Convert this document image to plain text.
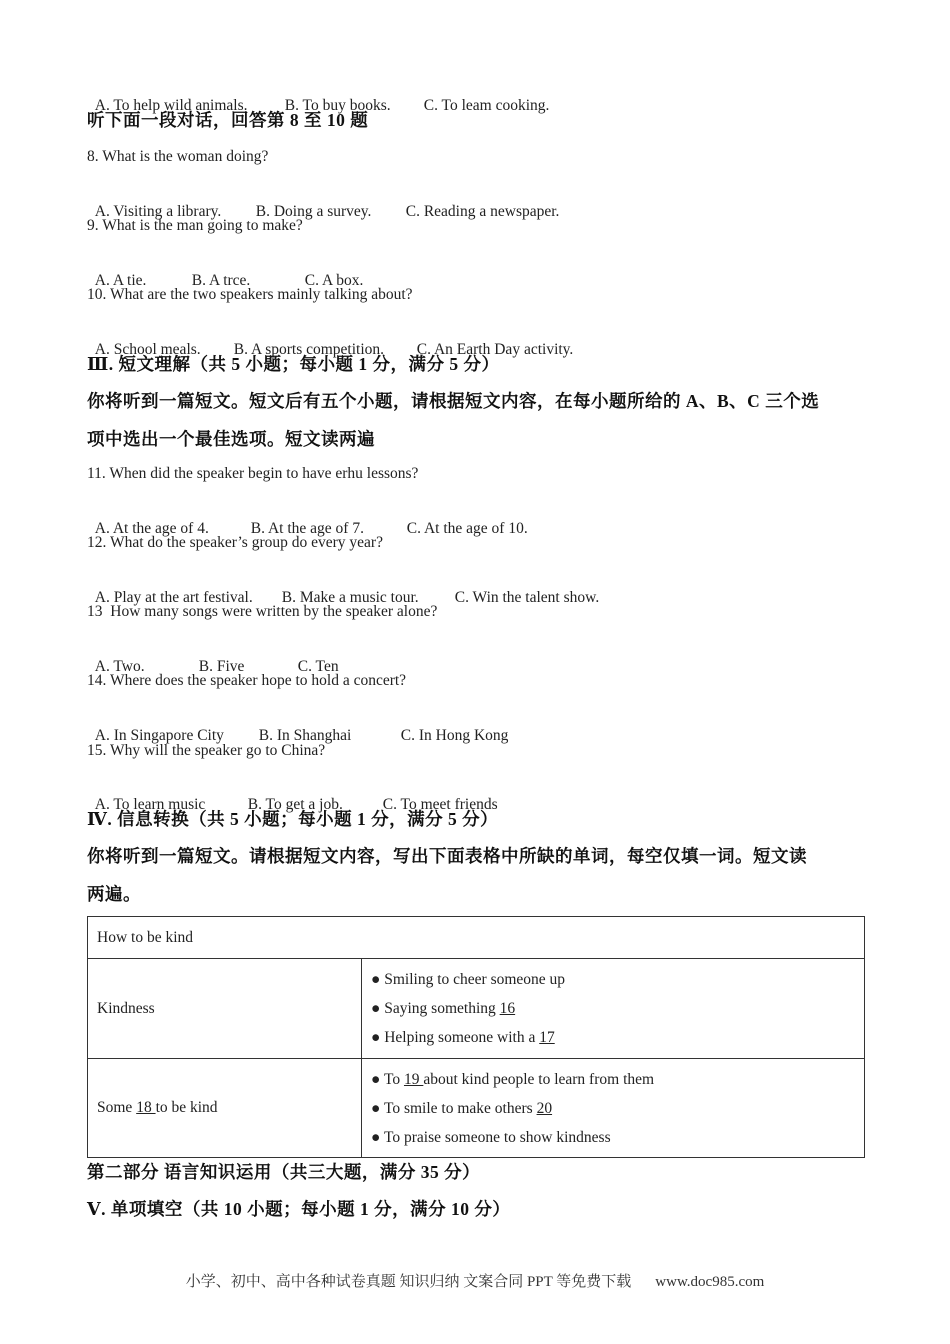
A. To help wild animals. B. To buy books. C. To leam cooking.

听下面一段对话，回答第 8 至 10 题
8. What is the woman doing?

A. Visiting a library. B. Doing a survey. C. Reading a newspaper.

9. What is the man going to make?

A. A tie.	B. A trce.	C. A box.

10. What are the two speakers mainly talking about?

A. School meals. B. A sports competition. C. An Earth Day activity.

Ⅲ. 短文理解（共 5 小题；每小题 1 分，满分 5 分）
你将听到一篇短文。短文后有五个小题，请根据短文内容，在每小题所给的 A、B、C 三个选
项中选出一个最佳选项。短文读两遍
11. When did the speaker begin to have erhu lessons?

A. At the age of 4.	B. At the age of 7.	C. At the age of 10.

12. What do the speaker’s group do every year?

A. Play at the art festival. B. Make a music tour. C. Win the talent show.

13  How many songs were written by the speaker alone?

A. Two.	B. Five	C. Ten

14. Where does the speaker hope to hold a concert?

A. In Singapore City B. In Shanghai	C. In Hong Kong

15. Why will the speaker go to China?

A. To learn music	B. To get a job.	C. To meet friends

Ⅳ. 信息转换（共 5 小题；每小题 1 分，满分 5 分）
你将听到一篇短文。请根据短文内容，写出下面表格中所缺的单词，每空仅填一词。短文读
两遍。
How to be kind	
Kindness	● Smiling to cheer someone up
● Saying something 16
● Helping someone with a 17

Some 18 to be kind	● To 19 about kind people to learn from them
● To smile to make others 20
● To praise someone to show kindness
第二部分 语言知识运用（共三大题，满分 35 分）
Ⅴ. 单项填空（共 10 小题；每小题 1 分，满分 10 分）
小学、初中、高中各种试卷真题 知识归纳 文案合同 PPT 等免费下载 www.doc985.com
